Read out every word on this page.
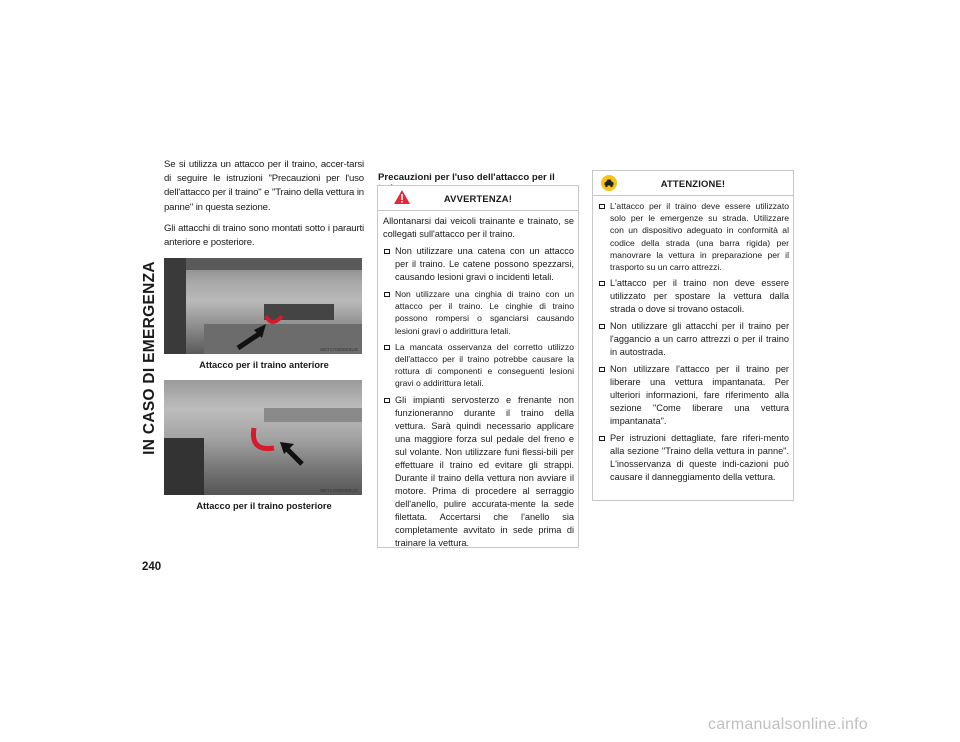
IN CASO DI EMERGENZA
240

Se si utilizza un attacco per il traino, accer-tarsi di seguire le istruzioni "Precauzioni per l'uso dell'attacco per il traino" e "Traino della vettura in panne" in questa sezione.

Gli attacchi di traino sono montati sotto i paraurti anteriore e posteriore.

M0717000005US
Attacco per il traino anteriore
M0717000006US
Attacco per il traino posteriore
Precauzioni per l'uso dell'attacco per il
AVVERTENZA!

Allontanarsi dai veicoli trainante e trainato, se collegati sull'attacco per il traino.

Non utilizzare una catena con un attacco per il traino. Le catene possono spezzarsi, causando lesioni gravi o incidenti letali.
Non utilizzare una cinghia di traino con un attacco per il traino. Le cinghie di traino possono rompersi o sganciarsi causando lesioni gravi o addirittura letali.
La mancata osservanza del corretto utilizzo dell'attacco per il traino potrebbe causare la rottura di componenti e conseguenti lesioni gravi o addirittura letali.
Gli impianti servosterzo e frenante non funzioneranno durante il traino della vettura. Sarà quindi necessario applicare una maggiore forza sul pedale del freno e sul volante. Non utilizzare funi flessi-bili per effettuare il traino ed evitare gli strappi. Durante il traino della vettura non avviare il motore. Prima di procedere al serraggio dell'anello, pulire accurata-mente la sede filettata. Accertarsi che l'anello sia completamente avvitato in sede prima di trainare la vettura.
ATTENZIONE!
L'attacco per il traino deve essere utilizzato solo per le emergenze su strada. Utilizzare con un dispositivo adeguato in conformità al codice della strada (una barra rigida) per manovrare la vettura in preparazione per il trasporto su un carro attrezzi.
L'attacco per il traino non deve essere utilizzato per spostare la vettura dalla strada o dove si trovano ostacoli.
Non utilizzare gli attacchi per il traino per l'aggancio a un carro attrezzi o per il traino in autostrada.
Non utilizzare l'attacco per il traino per liberare una vettura impantanata. Per ulteriori informazioni, fare riferimento alla sezione "Come liberare una vettura impantanata".
Per istruzioni dettagliate, fare riferi-mento alla sezione "Traino della vettura in panne". L'inosservanza di queste indi-cazioni può causare il danneggiamento della vettura.
carmanualsonline.info
